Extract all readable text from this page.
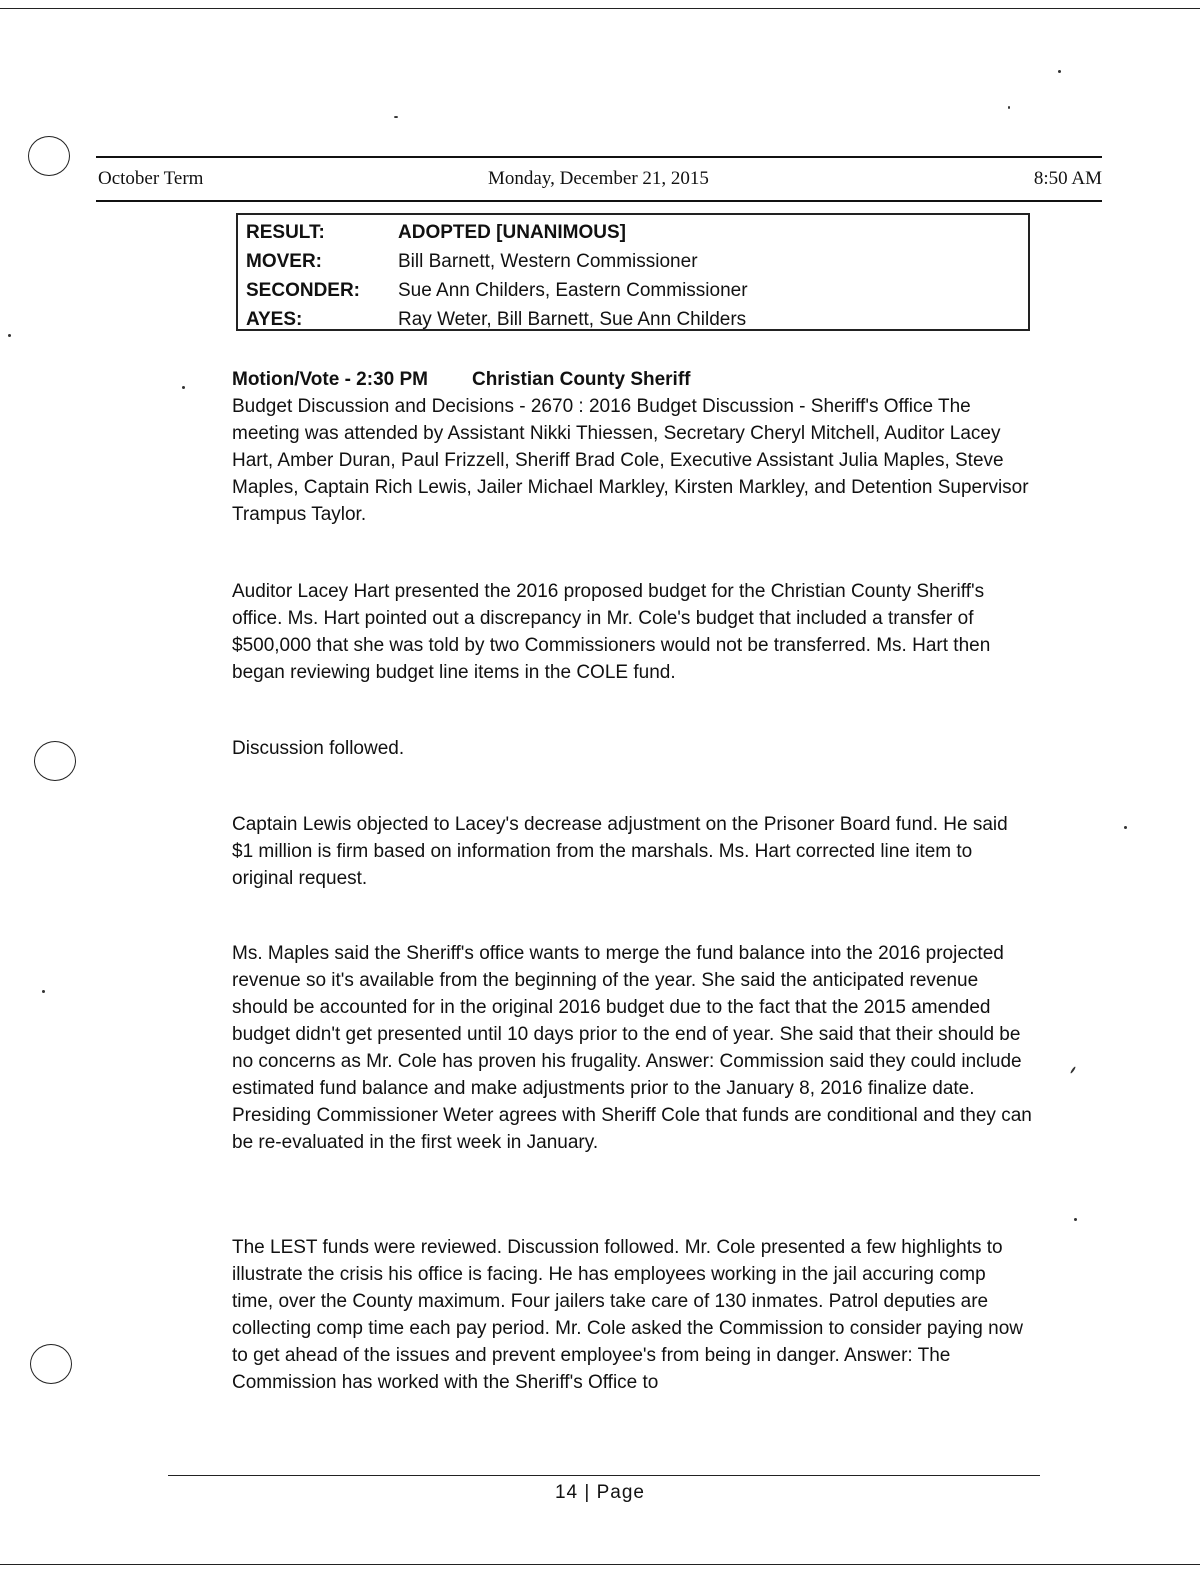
October Term	Monday, December 21, 2015	8:50 AM
RESULT:	ADOPTED [UNANIMOUS]
MOVER:	Bill Barnett, Western Commissioner
SECONDER: Sue Ann Childers, Eastern Commissioner
AYES:	Ray Weter, Bill Barnett, Sue Ann Childers
Motion/Vote - 2:30 PM Christian County Sheriff

Budget Discussion and Decisions - 2670 : 2016 Budget Discussion - Sheriff's Office The meeting was attended by Assistant Nikki Thiessen, Secretary Cheryl Mitchell, Auditor Lacey Hart, Amber Duran, Paul Frizzell, Sheriff Brad Cole, Executive Assistant Julia Maples, Steve Maples, Captain Rich Lewis, Jailer Michael Markley, Kirsten Markley, and Detention Supervisor Trampus Taylor.

Auditor Lacey Hart presented the 2016 proposed budget for the Christian County Sheriff's office. Ms. Hart pointed out a discrepancy in Mr. Cole's budget that included a transfer of $500,000 that she was told by two Commissioners would not be transferred. Ms. Hart then began reviewing budget line items in the COLE fund.

Discussion followed.

Captain Lewis objected to Lacey's decrease adjustment on the Prisoner Board fund. He said $1 million is firm based on information from the marshals. Ms. Hart corrected line item to original request.

Ms. Maples said the Sheriff's office wants to merge the fund balance into the 2016 projected revenue so it's available from the beginning of the year. She said the anticipated revenue should be accounted for in the original 2016 budget due to the fact that the 2015 amended budget didn't get presented until 10 days prior to the end of year. She said that their should be no concerns as Mr. Cole has proven his frugality. Answer: Commission said they could include estimated fund balance and make adjustments prior to the January 8, 2016 finalize date. Presiding Commissioner Weter agrees with Sheriff Cole that funds are conditional and they can be re-evaluated in the first week in January.

The LEST funds were reviewed. Discussion followed. Mr. Cole presented a few highlights to illustrate the crisis his office is facing. He has employees working in the jail accuring comp time, over the County maximum. Four jailers take care of 130 inmates. Patrol deputies are collecting comp time each pay period. Mr. Cole asked the Commission to consider paying now to get ahead of the issues and prevent employee's from being in danger. Answer: The Commission has worked with the Sheriff's Office to

14 | Page
